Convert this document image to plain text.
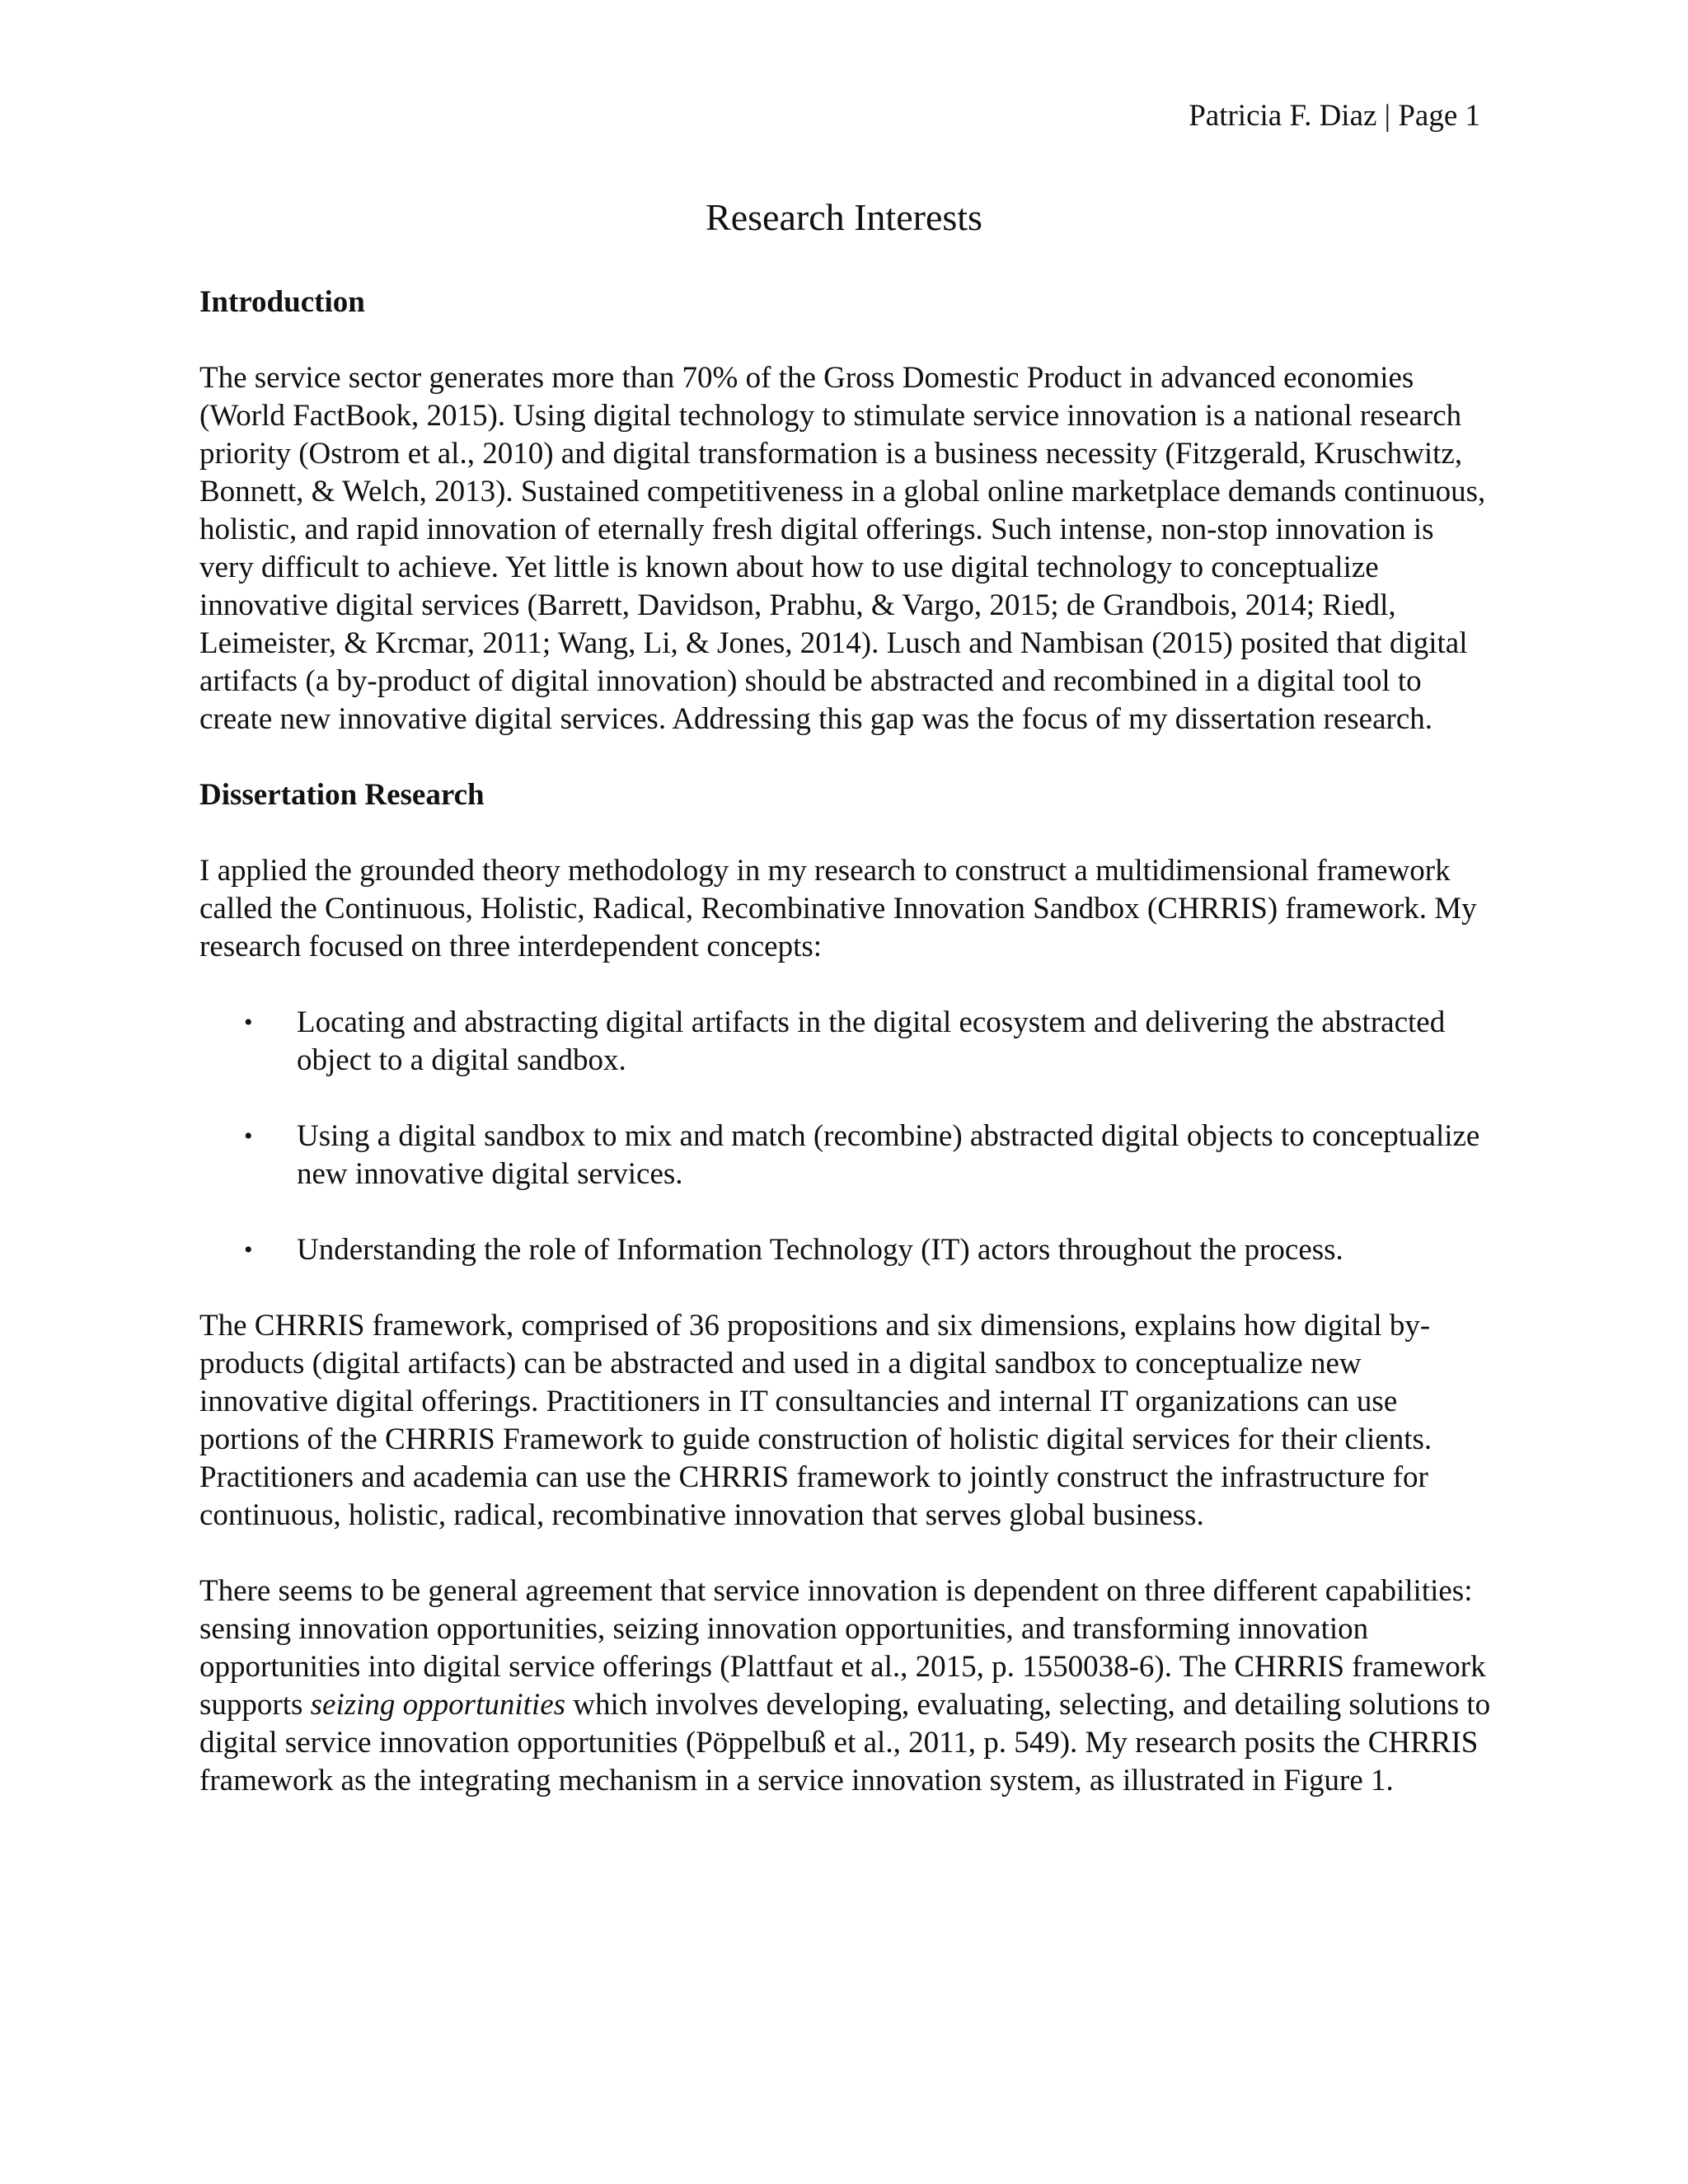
Patricia F. Diaz | Page 1
Research Interests
Introduction

The service sector generates more than 70% of the Gross Domestic Product in advanced economies (World FactBook, 2015). Using digital technology to stimulate service innovation is a national research priority (Ostrom et al., 2010) and digital transformation is a business necessity (Fitzgerald, Kruschwitz, Bonnett, & Welch, 2013). Sustained competitiveness in a global online marketplace demands continuous, holistic, and rapid innovation of eternally fresh digital offerings. Such intense, non-stop innovation is very difficult to achieve. Yet little is known about how to use digital technology to conceptualize innovative digital services (Barrett, Davidson, Prabhu, & Vargo, 2015; de Grandbois, 2014; Riedl, Leimeister, & Krcmar, 2011; Wang, Li, & Jones, 2014). Lusch and Nambisan (2015) posited that digital artifacts (a by-product of digital innovation) should be abstracted and recombined in a digital tool to create new innovative digital services. Addressing this gap was the focus of my dissertation research.

Dissertation Research

I applied the grounded theory methodology in my research to construct a multidimensional framework called the Continuous, Holistic, Radical, Recombinative Innovation Sandbox (CHRRIS) framework. My research focused on three interdependent concepts:

• Locating and abstracting digital artifacts in the digital ecosystem and delivering the abstracted object to a digital sandbox.
• Using a digital sandbox to mix and match (recombine) abstracted digital objects to conceptualize new innovative digital services.
• Understanding the role of Information Technology (IT) actors throughout the process.

The CHRRIS framework, comprised of 36 propositions and six dimensions, explains how digital by-products (digital artifacts) can be abstracted and used in a digital sandbox to conceptualize new innovative digital offerings. Practitioners in IT consultancies and internal IT organizations can use portions of the CHRRIS Framework to guide construction of holistic digital services for their clients. Practitioners and academia can use the CHRRIS framework to jointly construct the infrastructure for continuous, holistic, radical, recombinative innovation that serves global business.

There seems to be general agreement that service innovation is dependent on three different capabilities: sensing innovation opportunities, seizing innovation opportunities, and transforming innovation opportunities into digital service offerings (Plattfaut et al., 2015, p. 1550038-6). The CHRRIS framework supports seizing opportunities which involves developing, evaluating, selecting, and detailing solutions to digital service innovation opportunities (Pöppelbuß et al., 2011, p. 549). My research posits the CHRRIS framework as the integrating mechanism in a service innovation system, as illustrated in Figure 1.
